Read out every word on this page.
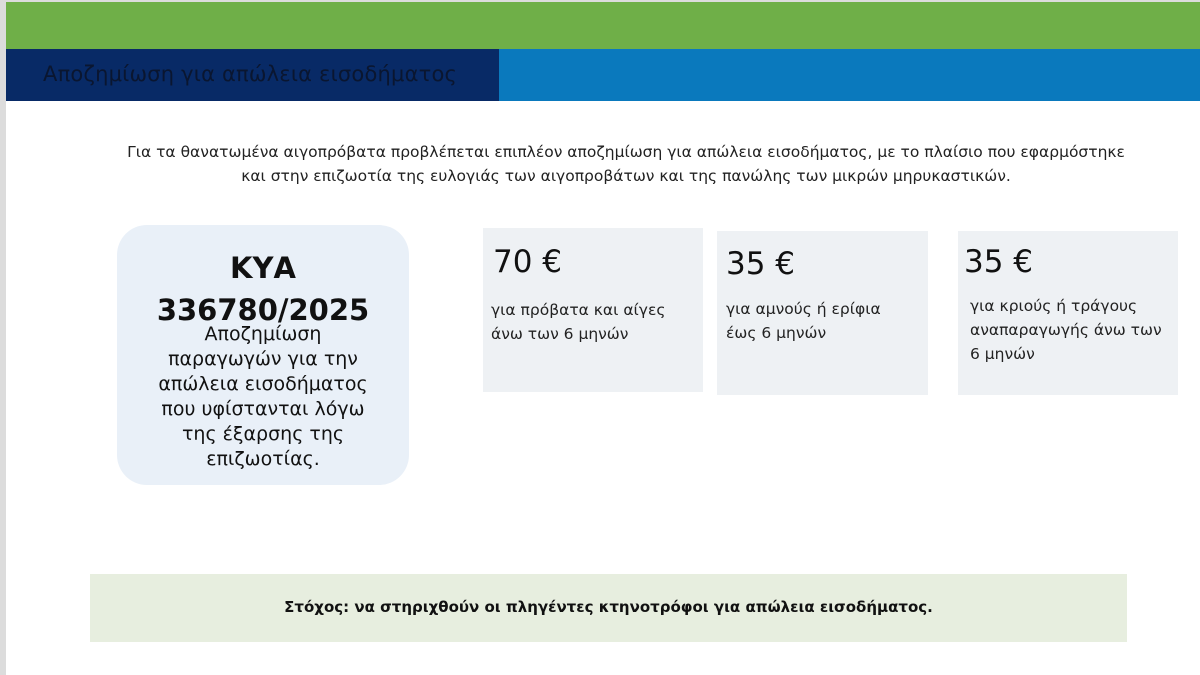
Αποζημίωση για απώλεια εισοδήματος
Για τα θανατωμένα αιγοπρόβατα προβλέπεται επιπλέον αποζημίωση για απώλεια εισοδήματος, με το πλαίσιο που εφαρμόστηκε
και στην επιζωοτία της ευλογιάς των αιγοπροβάτων και της πανώλης των μικρών μηρυκαστικών.
ΚΥΑ
336780/2025
Αποζημίωση
παραγωγών για την
απώλεια εισοδήματος
που υφίστανται λόγω
της έξαρσης της
επιζωοτίας.
70 €
για πρόβατα και αίγες
άνω των 6 μηνών
35 €
για αμνούς ή ερίφια
έως 6 μηνών
35 €
για κριούς ή τράγους
αναπαραγωγής άνω των
6 μηνών
Στόχος: να στηριχθούν οι πληγέντες κτηνοτρόφοι για απώλεια εισοδήματος.
